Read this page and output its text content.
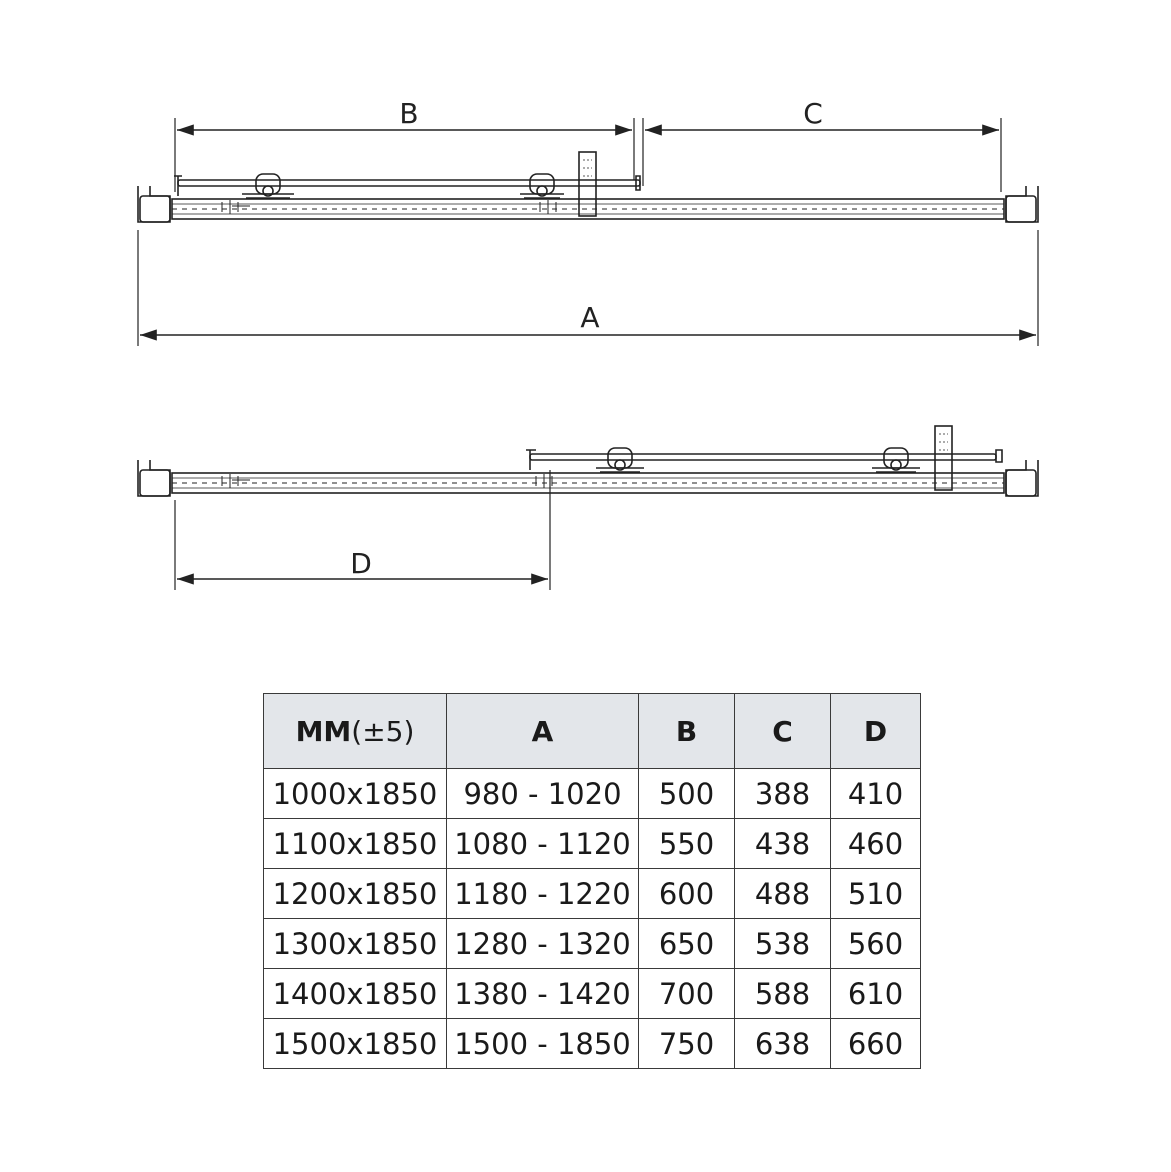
B	C
A
D
MM(±5)	A	B	C	D
1000x1850	980 - 1020	500	388	410
1100x1850	1080 - 1120	550	438	460
1200x1850	1180 - 1220	600	488	510
1300x1850	1280 - 1320	650	538	560
1400x1850	1380 - 1420	700	588	610
1500x1850	1500 - 1850	750	638	660
